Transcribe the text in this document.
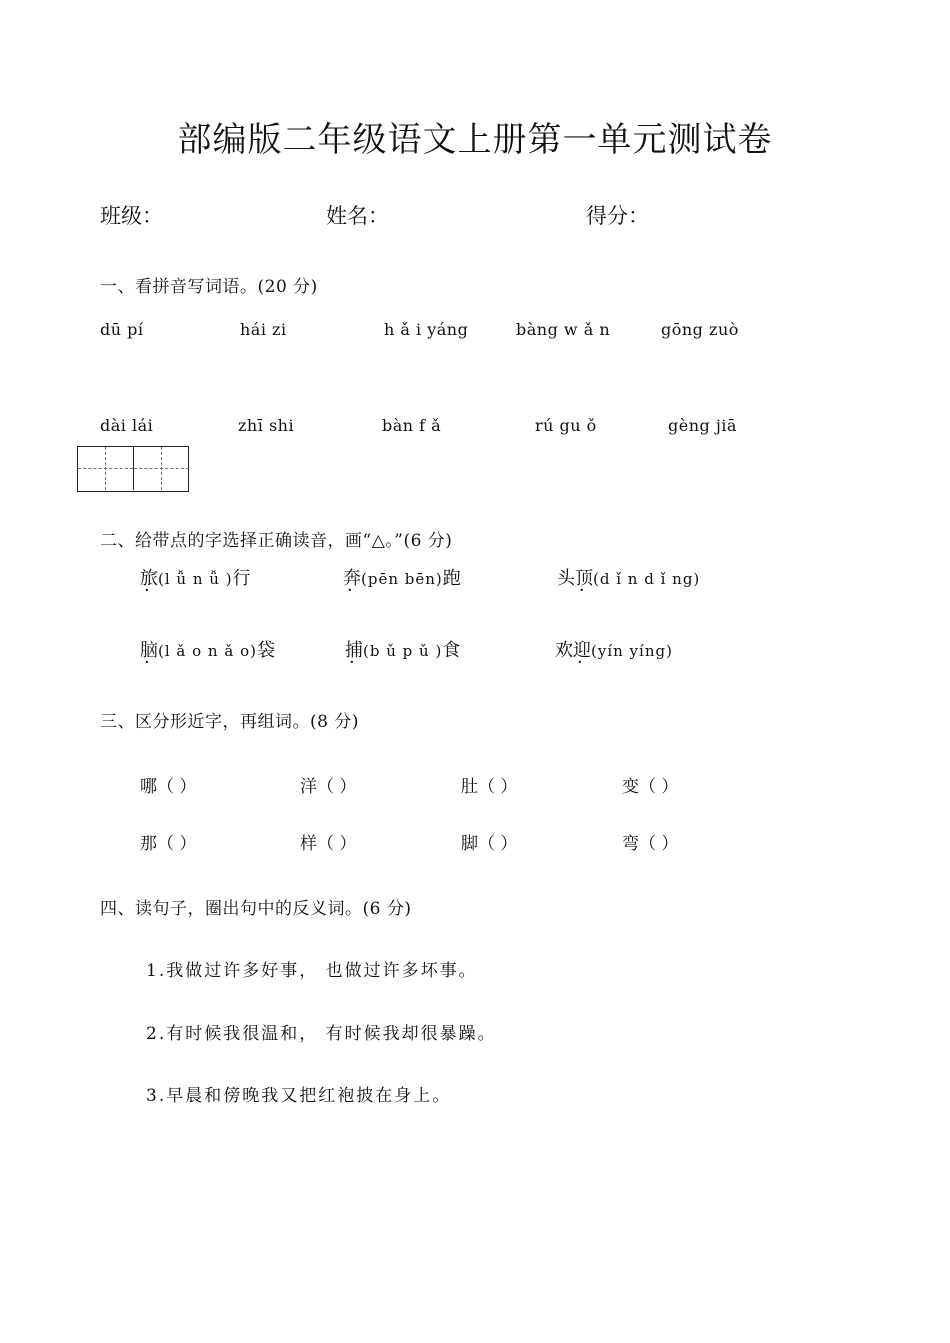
部编版二年级语文上册第一单元测试卷
班级：	姓名：	得分：
一、看拼音写词语。(20 分)
dū pí	hái zi	h ǎ i yáng	bàng w ǎ n	gōng zuò
dài lái	zhī shi	bàn f ǎ	rú gu ǒ	gèng jiā
二、给带点的字选择正确读音，画“△。”(6 分)
旅(l ǚ n ǚ )行	奔(pēn bēn)跑	头顶(d ǐ n d ǐ ng)
脑(l ǎ o n ǎ o)袋	捕(b ǔ p ǔ )食	欢迎(yín yíng)
三、区分形近字，再组词。(8 分)
哪（ ）	洋（ ）	肚（ ）	变（ ）
那（ ）	样（ ）	脚（ ）	弯（ ）
四、读句子，圈出句中的反义词。(6 分)
1.我做过许多好事， 也做过许多坏事。
2.有时候我很温和， 有时候我却很暴躁。
3.早晨和傍晚我又把红袍披在身上。
